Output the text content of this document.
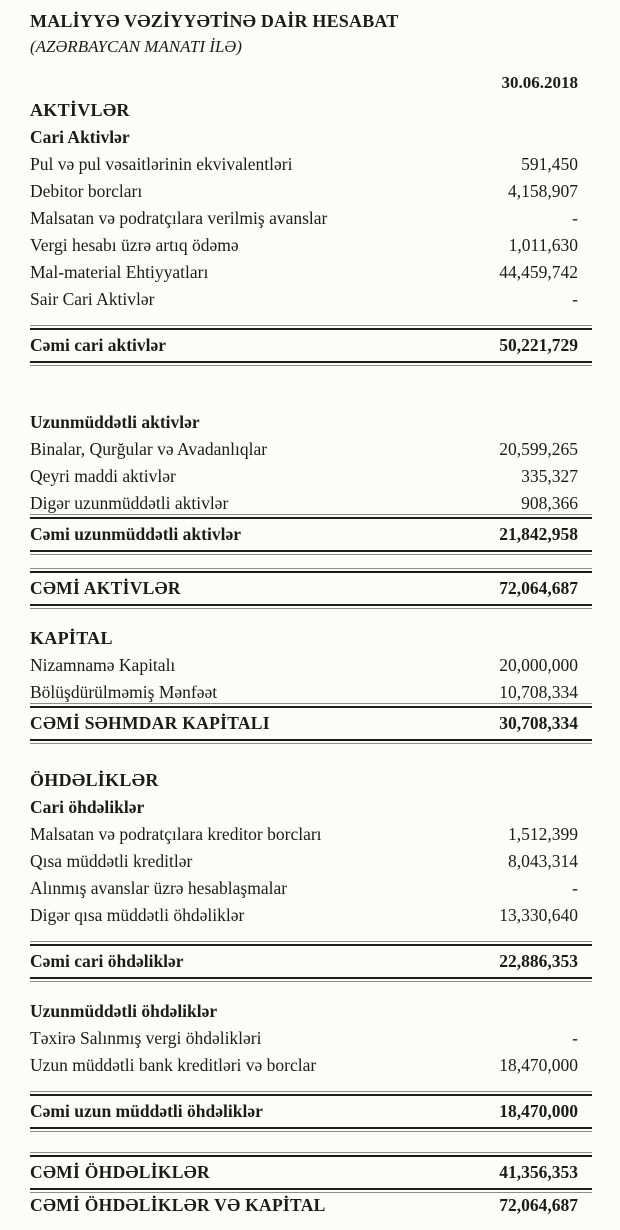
MALİYYƏ VƏZİYYƏTİNƏ DAİR HESABAT
(AZƏRBAYCAN MANATI İLƏ)
30.06.2018
AKTİVLƏR
Cari Aktivlər
Pul və pul vəsaitlərinin ekvivalentləri	591,450
Debitor borcları	4,158,907
Malsatan və podratçılara verilmiş avanslar	-
Vergi hesabı üzrə artıq ödəmə	1,011,630
Mal-material Ehtiyyatları	44,459,742
Sair Cari Aktivlər	-
Cəmi cari aktivlər	50,221,729
Uzunmüddətli aktivlər
Binalar, Qurğular və Avadanlıqlar	20,599,265
Qeyri maddi aktivlər	335,327
Digər uzunmüddətli aktivlər	908,366
Cəmi uzunmüddətli aktivlər	21,842,958
CƏMİ AKTİVLƏR	72,064,687
KAPİTAL
Nizamnamə Kapitalı	20,000,000
Bölüşdürülməmiş Mənfəət	10,708,334
CƏMİ SƏHMDAR KAPİTALI	30,708,334
ÖHDƏLİKLƏR
Cari öhdəliklər
Malsatan və podratçılara kreditor borcları	1,512,399
Qısa müddətli kreditlər	8,043,314
Alınmış avanslar üzrə hesablaşmalar	-
Digər qısa müddətli öhdəliklər	13,330,640
Cəmi cari öhdəliklər	22,886,353
Uzunmüddətli öhdəliklər
Təxirə Salınmış vergi öhdəlikləri	-
Uzun müddətli bank kreditləri və borclar	18,470,000
Cəmi uzun müddətli öhdəliklər	18,470,000
CƏMİ ÖHDƏLİKLƏR	41,356,353
CƏMİ ÖHDƏLİKLƏR VƏ KAPİTAL	72,064,687
